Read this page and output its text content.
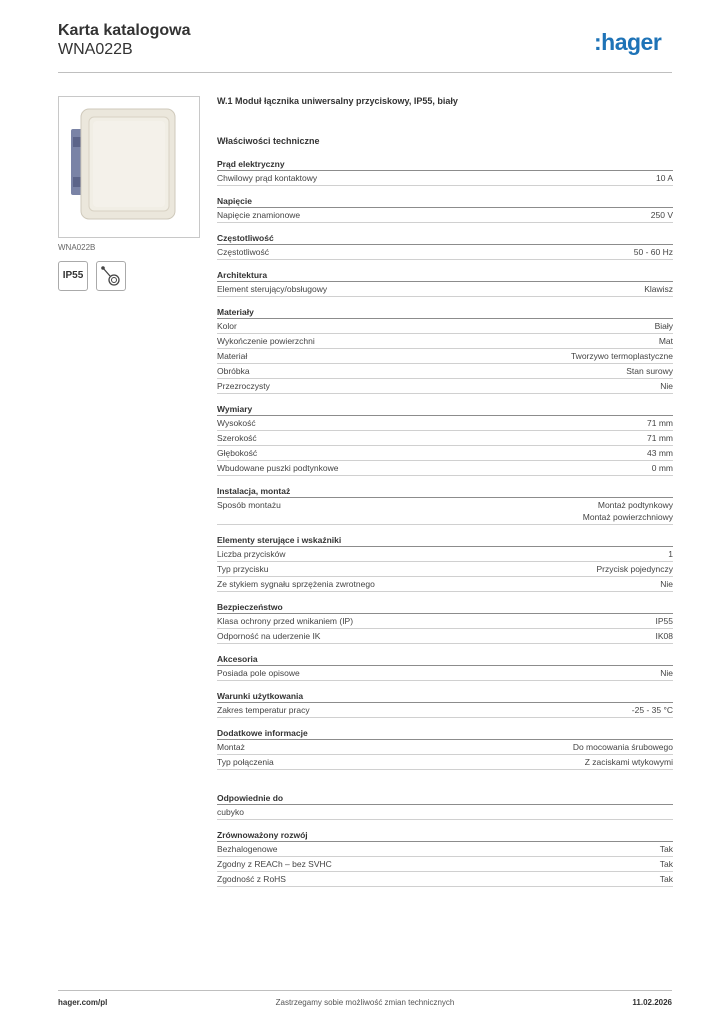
Karta katalogowa
WNA022B	:hager
WNA022B
IP55
W.1 Moduł łącznika uniwersalny przyciskowy, IP55, biały
Właściwości techniczne
Prąd elektryczny
Chwilowy prąd kontaktowy	10 A
Napięcie
Napięcie znamionowe	250 V
Częstotliwość
Częstotliwość	50 - 60 Hz
Architektura
Element sterujący/obsługowy	Klawisz
Materiały
Kolor	Biały
Wykończenie powierzchni	Mat
Materiał	Tworzywo termoplastyczne
Obróbka	Stan surowy
Przezroczysty	Nie
Wymiary
Wysokość	71 mm
Szerokość	71 mm
Głębokość	43 mm
Wbudowane puszki podtynkowe	0 mm
Instalacja, montaż
Sposób montażu	Montaż podtynkowy
Montaż powierzchniowy
Elementy sterujące i wskaźniki
Liczba przycisków	1
Typ przycisku	Przycisk pojedynczy
Ze stykiem sygnału sprzężenia zwrotnego	Nie
Bezpieczeństwo
Klasa ochrony przed wnikaniem (IP)	IP55
Odporność na uderzenie IK	IK08
Akcesoria
Posiada pole opisowe	Nie
Warunki użytkowania
Zakres temperatur pracy	-25 - 35 °C
Dodatkowe informacje
Montaż	Do mocowania śrubowego
Typ połączenia	Z zaciskami wtykowymi
Odpowiednie do
cubyko
Zrównoważony rozwój
Bezhalogenowe	Tak
Zgodny z REACh – bez SVHC	Tak
Zgodność z RoHS	Tak
hager.com/pl	Zastrzegamy sobie możliwość zmian technicznych	11.02.2026
